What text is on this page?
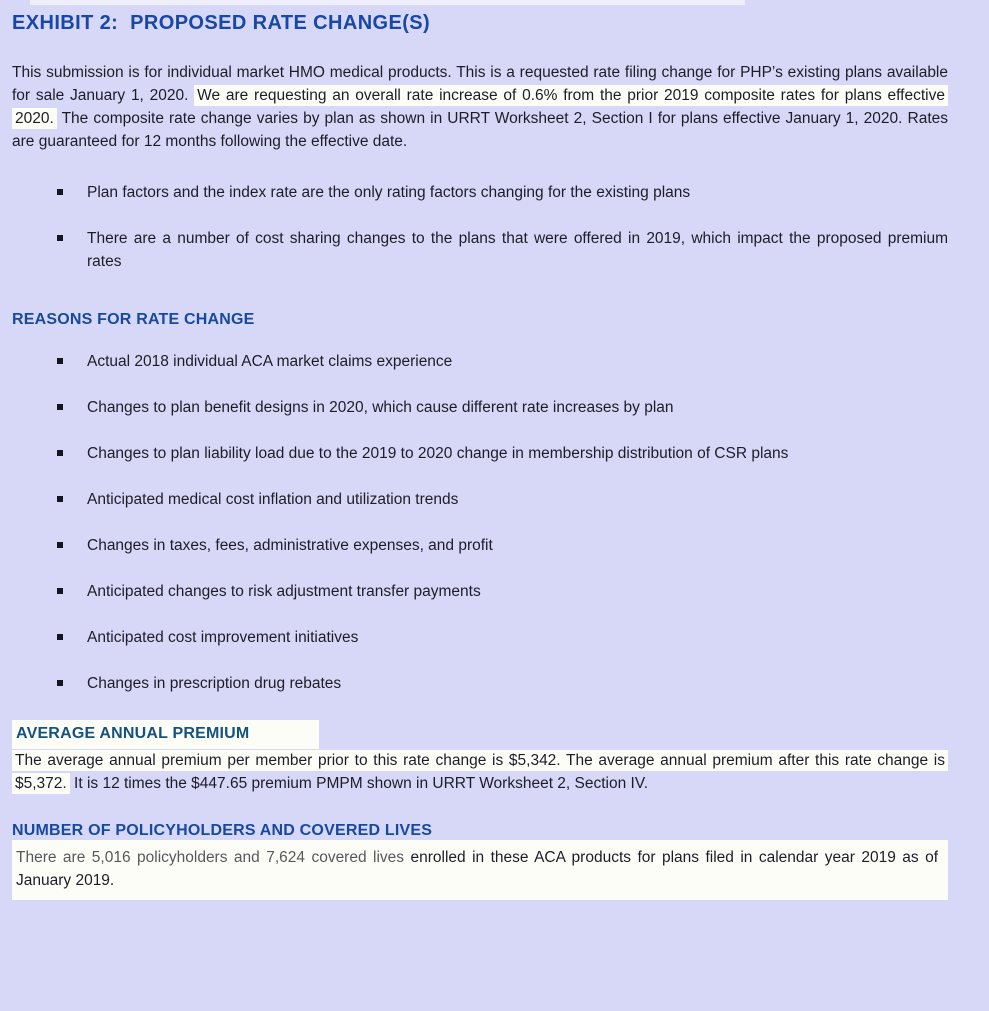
EXHIBIT 2:  PROPOSED RATE CHANGE(S)

This submission is for individual market HMO medical products. This is a requested rate filing change for PHP’s existing plans available for sale January 1, 2020. We are requesting an overall rate increase of 0.6% from the prior 2019 composite rates for plans effective 2020. The composite rate change varies by plan as shown in URRT Worksheet 2, Section I for plans effective January 1, 2020. Rates are guaranteed for 12 months following the effective date.

Plan factors and the index rate are the only rating factors changing for the existing plans
There are a number of cost sharing changes to the plans that were offered in 2019, which impact the proposed premium rates
REASONS FOR RATE CHANGE
Actual 2018 individual ACA market claims experience
Changes to plan benefit designs in 2020, which cause different rate increases by plan
Changes to plan liability load due to the 2019 to 2020 change in membership distribution of CSR plans
Anticipated medical cost inflation and utilization trends
Changes in taxes, fees, administrative expenses, and profit
Anticipated changes to risk adjustment transfer payments
Anticipated cost improvement initiatives
Changes in prescription drug rebates
AVERAGE ANNUAL PREMIUM

The average annual premium per member prior to this rate change is $5,342. The average annual premium after this rate change is $5,372. It is 12 times the $447.65 premium PMPM shown in URRT Worksheet 2, Section IV.

NUMBER OF POLICYHOLDERS AND COVERED LIVES

There are 5,016 policyholders and 7,624 covered lives enrolled in these ACA products for plans filed in calendar year 2019 as of January 2019.
